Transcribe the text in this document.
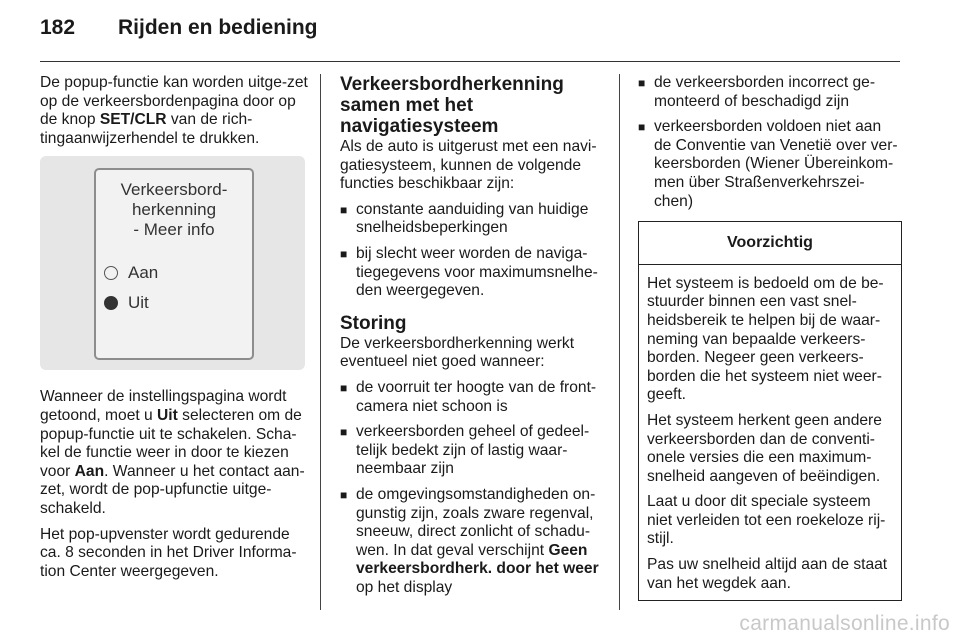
182 Rijden en bediening

De popup-functie kan worden uitge-zet op de verkeersbordenpagina door op de knop SET/CLR van de rich-tingaanwijzerhendel te drukken.

Verkeersbord-
herkenning
- Meer info
Aan
Uit

Wanneer de instellingspagina wordt getoond, moet u Uit selecteren om de popup-functie uit te schakelen. Scha-kel de functie weer in door te kiezen voor Aan. Wanneer u het contact aan-zet, wordt de pop-upfunctie uitge-schakeld.

Het pop-upvenster wordt gedurende ca. 8 seconden in het Driver Informa-tion Center weergegeven.

Verkeersbordherkenning samen met het navigatiesysteem

Als de auto is uitgerust met een navi-gatiesysteem, kunnen de volgende functies beschikbaar zijn:

■ constante aanduiding van huidige snelheidsbeperkingen
■ bij slecht weer worden de naviga-tiegegevens voor maximumsnelhe-den weergegeven.
Storing

De verkeersbordherkenning werkt eventueel niet goed wanneer:

■ de voorruit ter hoogte van de front-camera niet schoon is
■ verkeersborden geheel of gedeel-telijk bedekt zijn of lastig waar-neembaar zijn
■ de omgevingsomstandigheden on-gunstig zijn, zoals zware regenval, sneeuw, direct zonlicht of schadu-wen. In dat geval verschijnt Geen verkeersbordherk. door het weer op het display
■ de verkeersborden incorrect ge-monteerd of beschadigd zijn
■ verkeersborden voldoen niet aan de Conventie van Venetië over ver-keersborden (Wiener Übereinkom-men über Straßenverkehrszei-chen)
Voorzichtig

Het systeem is bedoeld om de be-stuurder binnen een vast snel-heidsbereik te helpen bij de waar-neming van bepaalde verkeers-borden. Negeer geen verkeers-borden die het systeem niet weer-geeft.

Het systeem herkent geen andere verkeersborden dan de conventi-onele versies die een maximum-snelheid aangeven of beëindigen.

Laat u door dit speciale systeem niet verleiden tot een roekeloze rij-stijl.

Pas uw snelheid altijd aan de staat van het wegdek aan.

carmanualsonline.info
